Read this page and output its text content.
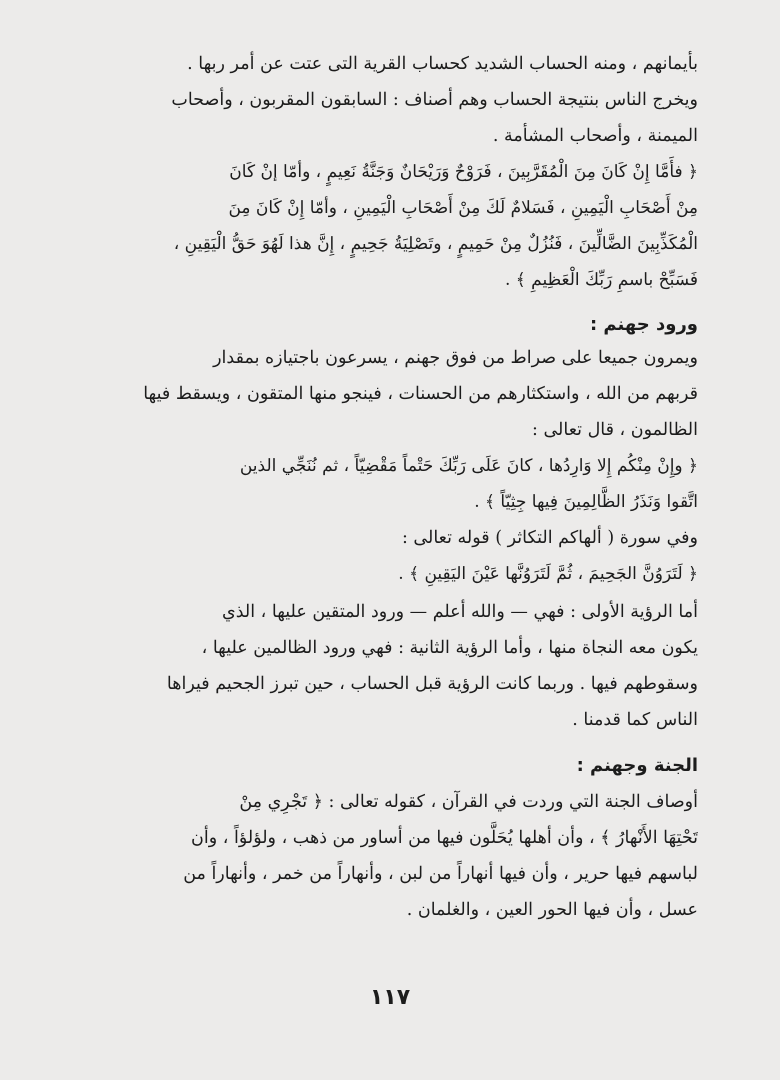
بأيمانهم ، ومنه الحساب الشديد كحساب القرية التى عتت عن أمر ربها .
ويخرج الناس بنتيجة الحساب وهم أصناف : السابقون المقربون ، وأصحاب
الميمنة ، وأصحاب المشأمة .
﴿ فأَمَّا إِنْ كَانَ مِنَ الْمُقَرَّبِينَ ، فَرَوْحٌ وَرَيْحَانٌ وَجَنَّةُ نَعِيمٍ ، وأمّا إنْ كَانَ
مِنْ أَصْحَابِ الْيَمِينِ ، فَسَلامٌ لَكَ مِنْ أَصْحَابِ الْيَمِينِ ، وأمّا إِنْ كَانَ مِنَ
الْمُكَذِّبِينَ الضَّالِّينَ ، فَنُزُلٌ مِنْ حَمِيمٍ ، وتَصْلِيَةُ جَحِيمٍ ، إِنَّ هذا لَهُوَ حَقُّ الْيَقِينِ ،
فَسَبِّحْ باسمِ رَبِّكَ الْعَظِيمِ ﴾ .
ورود جهنم :
ويمرون جميعا على صراط من فوق جهنم ، يسرعون باجتيازه بمقدار
قربهم من الله ، واستكثارهم من الحسنات ، فينجو منها المتقون ، ويسقط فيها
الظالمون ، قال تعالى :
﴿ وإِنْ مِنْكُم إِلا وَارِدُها ، كانَ عَلَى رَبِّكَ حَتْماً مَقْضِيّاً ، ثم نُنَجِّي الذين
اتَّقوا وَنَذَرُ الظَّالِمِينَ فِيها جِثِيّاً ﴾ .
وفي سورة ( ألهاكم التكاثر ) قوله تعالى :
﴿ لَتَرَوُنَّ الجَحِيمَ ، ثُمَّ لَتَرَوُنَّها عَيْنَ اليَقِينِ ﴾ .
أما الرؤية الأولى : فهي — والله أعلم — ورود المتقين عليها ، الذي
يكون معه النجاة منها ، وأما الرؤية الثانية : فهي ورود الظالمين عليها ،
وسقوطهم فيها . وربما كانت الرؤية قبل الحساب ، حين تبرز الجحيم فيراها
الناس كما قدمنا .
الجنة وجهنم :
أوصاف الجنة التي وردت في القرآن ، كقوله تعالى : ﴿ تَجْرِي مِنْ
تَحْتِهَا الأَنْهارُ ﴾ ، وأن أهلها يُحَلَّون فيها من أساور من ذهب ، ولؤلؤاً ، وأن
لباسهم فيها حرير ، وأن فيها أنهاراً من لبن ، وأنهاراً من خمر ، وأنهاراً من
عسل ، وأن فيها الحور العين ، والغلمان .
١١٧
